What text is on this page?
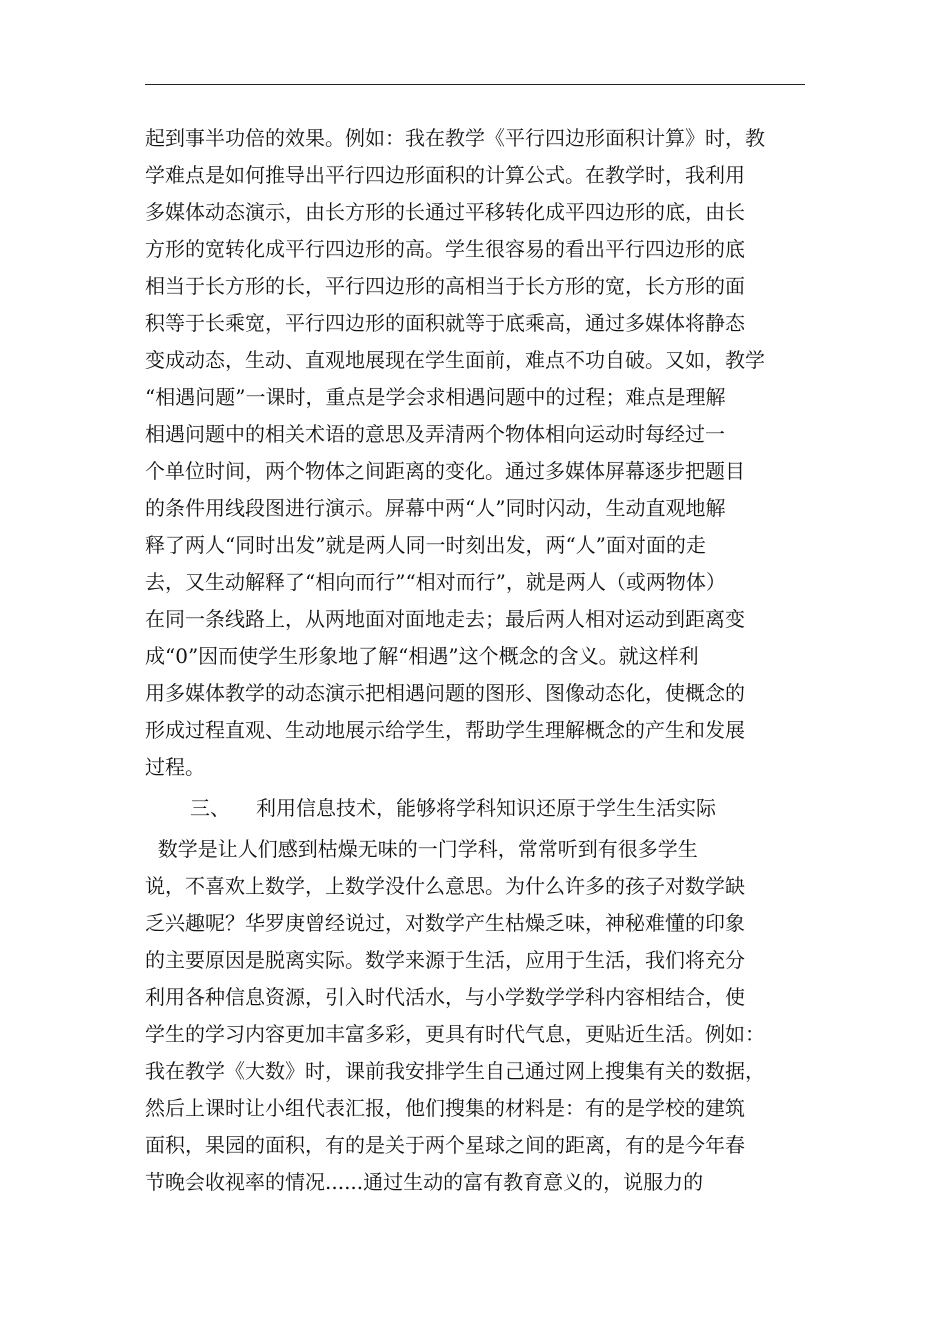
起到事半功倍的效果。例如：我在教学《平行四边形面积计算》时，教
学难点是如何推导出平行四边形面积的计算公式。在教学时，我利用
多媒体动态演示，由长方形的长通过平移转化成平四边形的底，由长
方形的宽转化成平行四边形的高。学生很容易的看出平行四边形的底
相当于长方形的长，平行四边形的高相当于长方形的宽，长方形的面
积等于长乘宽，平行四边形的面积就等于底乘高，通过多媒体将静态
变成动态，生动、直观地展现在学生面前，难点不功自破。又如，教学
“相遇问题”一课时，重点是学会求相遇问题中的过程；难点是理解
相遇问题中的相关术语的意思及弄清两个物体相向运动时每经过一
个单位时间，两个物体之间距离的变化。通过多媒体屏幕逐步把题目
的条件用线段图进行演示。屏幕中两“人”同时闪动，生动直观地解
释了两人“同时出发”就是两人同一时刻出发，两“人”面对面的走
去，又生动解释了“相向而行”“相对而行”，就是两人（或两物体）
在同一条线路上，从两地面对面地走去；最后两人相对运动到距离变
成“0”因而使学生形象地了解“相遇”这个概念的含义。就这样利
用多媒体教学的动态演示把相遇问题的图形、图像动态化，使概念的
形成过程直观、生动地展示给学生，帮助学生理解概念的产生和发展
过程。
三、 利用信息技术，能够将学科知识还原于学生生活实际
数学是让人们感到枯燥无味的一门学科，常常听到有很多学生
说，不喜欢上数学，上数学没什么意思。为什么许多的孩子对数学缺
乏兴趣呢？华罗庚曾经说过，对数学产生枯燥乏味，神秘难懂的印象
的主要原因是脱离实际。数学来源于生活，应用于生活，我们将充分
利用各种信息资源，引入时代活水，与小学数学学科内容相结合，使
学生的学习内容更加丰富多彩，更具有时代气息，更贴近生活。例如：
我在教学《大数》时，课前我安排学生自己通过网上搜集有关的数据，
然后上课时让小组代表汇报，他们搜集的材料是：有的是学校的建筑
面积，果园的面积，有的是关于两个星球之间的距离，有的是今年春
节晚会收视率的情况......通过生动的富有教育意义的，说服力的
